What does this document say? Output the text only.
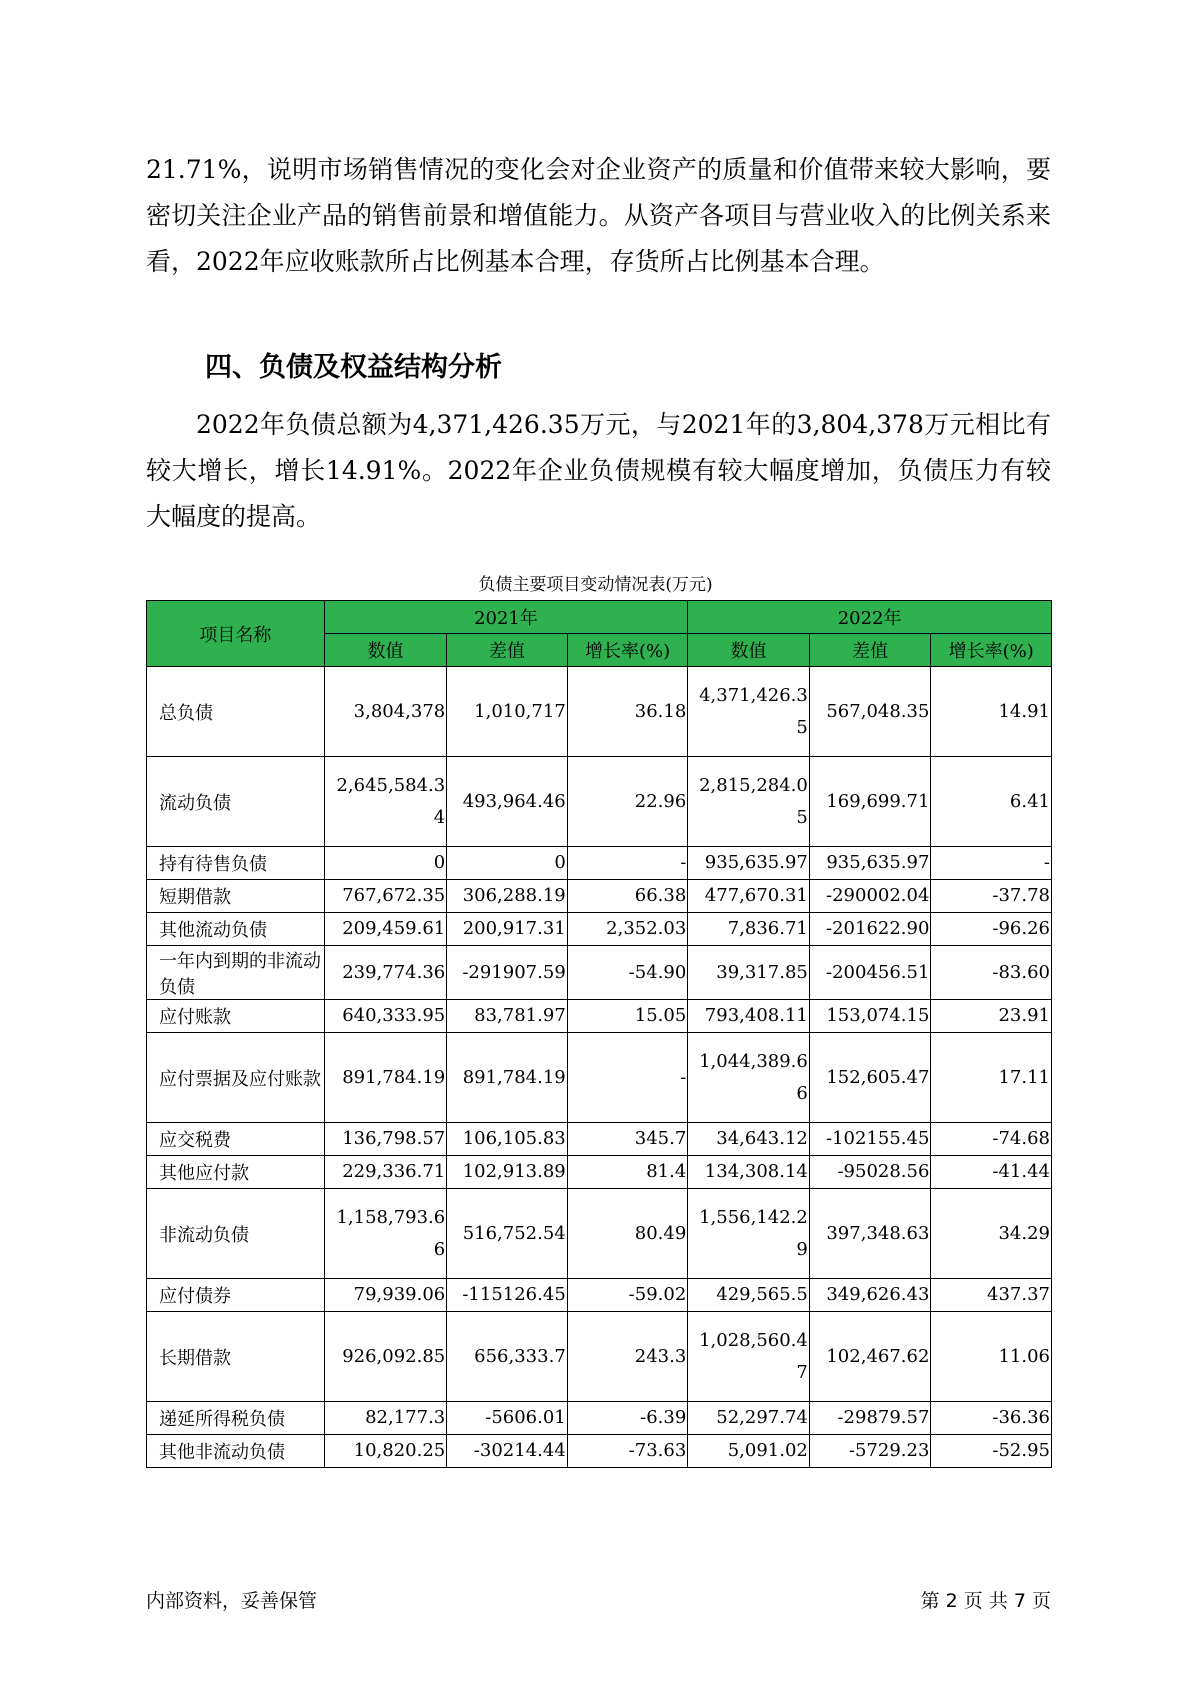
21.71%，说明市场销售情况的变化会对企业资产的质量和价值带来较大影响，要密切关注企业产品的销售前景和增值能力。从资产各项目与营业收入的比例关系来看，2022年应收账款所占比例基本合理，存货所占比例基本合理。

四、负债及权益结构分析

2022年负债总额为4,371,426.35万元，与2021年的3,804,378万元相比有较大增长，增长14.91%。2022年企业负债规模有较大幅度增加，负债压力有较大幅度的提高。

负债主要项目变动情况表(万元)

项目名称	2021年			2022年		
	数值	差值	增长率(%)	数值	差值	增长率(%)
总负债	3,804,378	1,010,717	36.18	4,371,426.35	567,048.35	14.91
流动负债	2,645,584.34	493,964.46	22.96	2,815,284.05	169,699.71	6.41
持有待售负债	0	0	-	935,635.97	935,635.97	-
短期借款	767,672.35	306,288.19	66.38	477,670.31	-290002.04	-37.78
其他流动负债	209,459.61	200,917.31	2,352.03	7,836.71	-201622.90	-96.26
一年内到期的非流动负债	239,774.36	-291907.59	-54.90	39,317.85	-200456.51	-83.60
应付账款	640,333.95	83,781.97	15.05	793,408.11	153,074.15	23.91
应付票据及应付账款	891,784.19	891,784.19	-	1,044,389.66	152,605.47	17.11
应交税费	136,798.57	106,105.83	345.7	34,643.12	-102155.45	-74.68
其他应付款	229,336.71	102,913.89	81.4	134,308.14	-95028.56	-41.44
非流动负债	1,158,793.66	516,752.54	80.49	1,556,142.29	397,348.63	34.29
应付债券	79,939.06	-115126.45	-59.02	429,565.5	349,626.43	437.37
长期借款	926,092.85	656,333.7	243.3	1,028,560.47	102,467.62	11.06
递延所得税负债	82,177.3	-5606.01	-6.39	52,297.74	-29879.57	-36.36
其他非流动负债	10,820.25	-30214.44	-73.63	5,091.02	-5729.23	-52.95
内部资料，妥善保管	第 2 页 共 7 页
